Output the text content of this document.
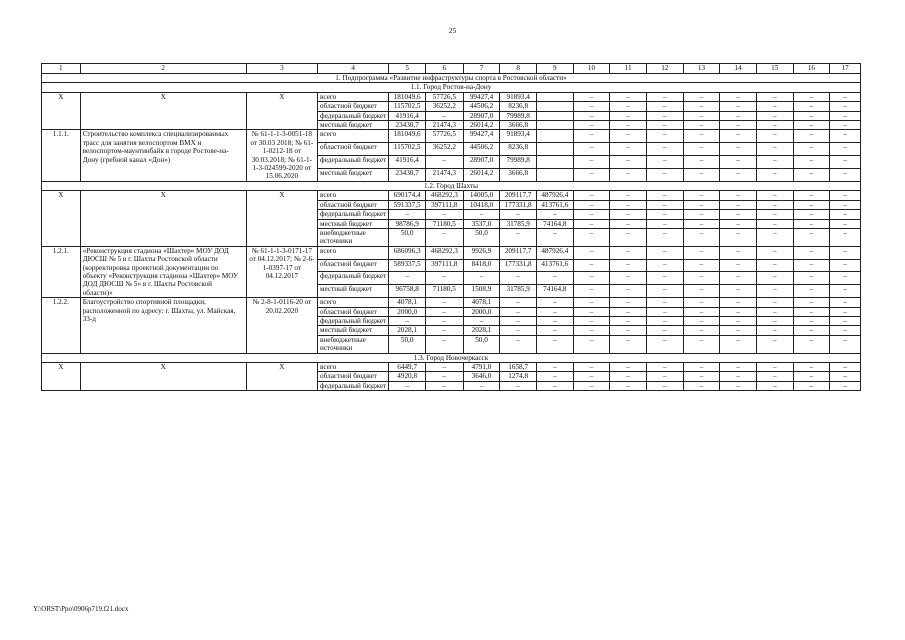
25
1	2	3	4	5	6	7	8	9	10	11	12	13	14	15	16	17
1. Подпрограмма «Развитие инфраструктуры спорта в Ростовской области»																
1.1. Город Ростов-на-Дону																
X	X	X	всего	181049,6	57726,5	99427,4	91893,4		–	–	–	–	–	–	–	–
			областной бюджет	115702,5	36252,2	44506,2	8236,8		–	–	–	–	–	–	–	–
			федеральный бюджет	41916,4	–	28907,0	79989,8		–	–	–	–	–	–	–	–
			местный бюджет	23430,7	21474,3	26014,2	3666,8		–	–	–	–	–	–	–	–
1.1.1.	Строительство комплекса специализированных трасс для занятия велоспортом ВМХ и велоспортом-маунтинбайк в городе Ростове-на-Дону (гребной канал «Дон»)	№ 61-1-1-3-0051-18 от 30.03 2018; № 61-1-0212-18 от 30.03.2018; № 61-1-1-3-024599-2020 от 15.06.2020	всего	181049,6	57726,5	99427,4	91893,4		–	–	–	–	–	–	–	–
			областной бюджет	115702,5	36252,2	44506,2	8236,8		–	–	–	–	–	–	–	–
			федеральный бюджет	41916,4	–	28907,0	79989,8		–	–	–	–	–	–	–	–
			местный бюджет	23430,7	21474,3	26014,2	3666,8		–	–	–	–	–	–	–	–
1.2. Город Шахты																
X	X	X	всего	690174,4	468292,3	14005,0	209117,7	487926,4	–	–	–	–	–	–	–	–
			областной бюджет	591337,5	397111,8	10418,0	177331,8	413761,6	–	–	–	–	–	–	–	–
			федеральный бюджет	–	–	–	–	–	–	–	–	–	–	–	–	–
			местный бюджет	98786,9	71180,5	3537,0	31785,9	74164,8	–	–	–	–	–	–	–	–
			внебюджетные источники	50,0	–	50,0	–	–	–	–	–	–	–	–	–	–
1.2.1.	«Реконструкция стадиона «Шахтер» МОУ ДОД ДЮСШ № 5 в г. Шахты Ростовской области (корректировка проектной документации по объекту «Реконструкция стадиона «Шахтер» МОУ ДОД ДЮСШ № 5» в г. Шахты Ростовской области)»	№ 61-1-1-3-0171-17 от 04.12.2017; № 2-6-1-0397-17 от 04.12.2017	всего	686096,3	468292,3	9926,9	209117,7	487926,4	–	–	–	–	–	–	–	–
			областной бюджет	589337,5	397111,8	8418,0	177331,8	413761,6	–	–	–	–	–	–	–	–
			федеральный бюджет	–	–	–	–	–	–	–	–	–	–	–	–	–
			местный бюджет	96758,8	71180,5	1508,9	31785,9	74164,8	–	–	–	–	–	–	–	–
1.2.2.	Благоустройство спортивной площадки, расположенной по адресу: г. Шахты, ул. Майская, 33-д	№ 2-8-1-0116-20 от 20.02.2020	всего	4078,1	–	4078,1	–	–	–	–	–	–	–	–	–	–
			областной бюджет	2000,0	–	2000,0	–	–	–	–	–	–	–	–	–	–
			федеральный бюджет	–	–	–	–	–	–	–	–	–	–	–	–	–
			местный бюджет	2028,1	–	2028,1	–	–	–	–	–	–	–	–	–	–
			внебюджетные источники	50,0	–	50,0	–	–	–	–	–	–	–	–	–	–
1.3. Город Новочеркасск																
X	X	X	всего	6449,7	–	4791,0	1658,7	–	–	–	–	–	–	–	–	–
			областной бюджет	4920,8	–	3646,0	1274,8	–	–	–	–	–	–	–	–	–
			федеральный бюджет	–	–	–	–	–	–	–	–	–	–	–	–	–
Y:\ORST\Ppo\0906p719.f21.docx
